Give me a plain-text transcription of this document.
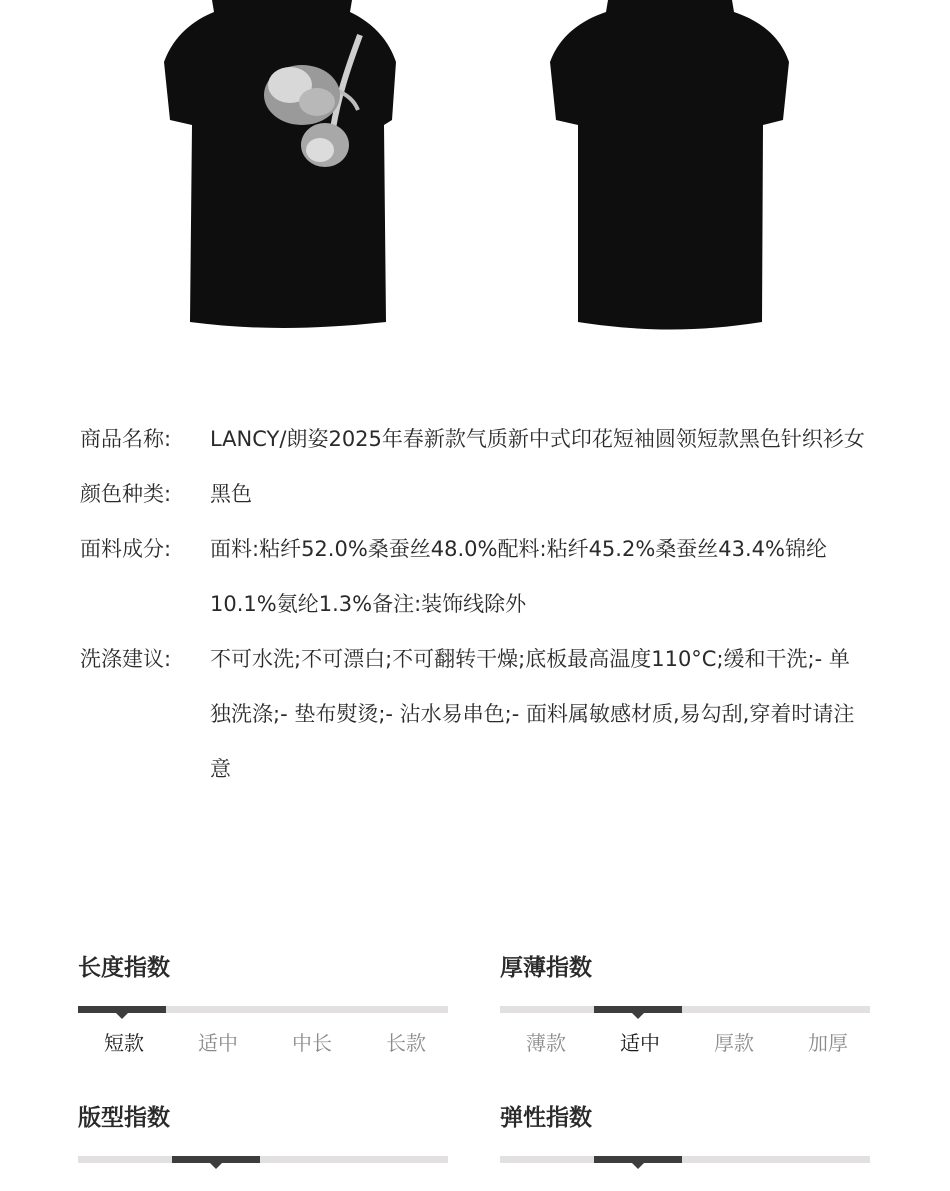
商品名称:	LANCY/朗姿2025年春新款气质新中式印花短袖圆领短款黑色针织衫女
颜色种类:	黑色
面料成分:	面料:粘纤52.0%桑蚕丝48.0%配料:粘纤45.2%桑蚕丝43.4%锦纶10.1%氨纶1.3%备注:装饰线除外
洗涤建议:	不可水洗;不可漂白;不可翻转干燥;底板最高温度110°C;缓和干洗;- 单独洗涤;- 垫布熨烫;- 沾水易串色;- 面料属敏感材质,易勾刮,穿着时请注意
长度指数
短款	适中	中长	长款
厚薄指数
薄款	适中	厚款	加厚
版型指数	弹性指数
